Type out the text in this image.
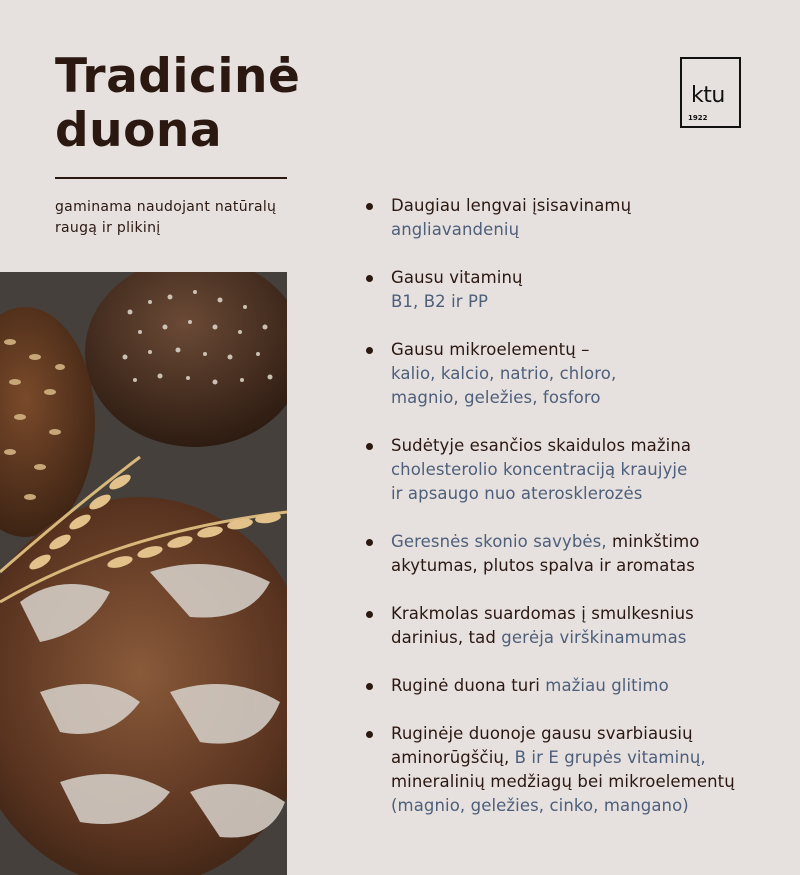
Tradicinė
duona
gaminama naudojant natūralų
raugą ir plikinį
ktu
1922
Daugiau lengvai įsisavinamų
angliavandenių
Gausu vitaminų
B1, B2 ir PP
Gausu mikroelementų –
kalio, kalcio, natrio, chloro,
magnio, geležies, fosforo
Sudėtyje esančios skaidulos mažina
cholesterolio koncentraciją kraujyje
ir apsaugo nuo aterosklerozės
Geresnės skonio savybės, minkštimo
akytumas, plutos spalva ir aromatas
Krakmolas suardomas į smulkesnius
darinius, tad gerėja virškinamumas
Ruginė duona turi mažiau glitimo
Ruginėje duonoje gausu svarbiausių
aminorūgščių, B ir E grupės vitaminų,
mineralinių medžiagų bei mikroelementų
(magnio, geležies, cinko, mangano)
